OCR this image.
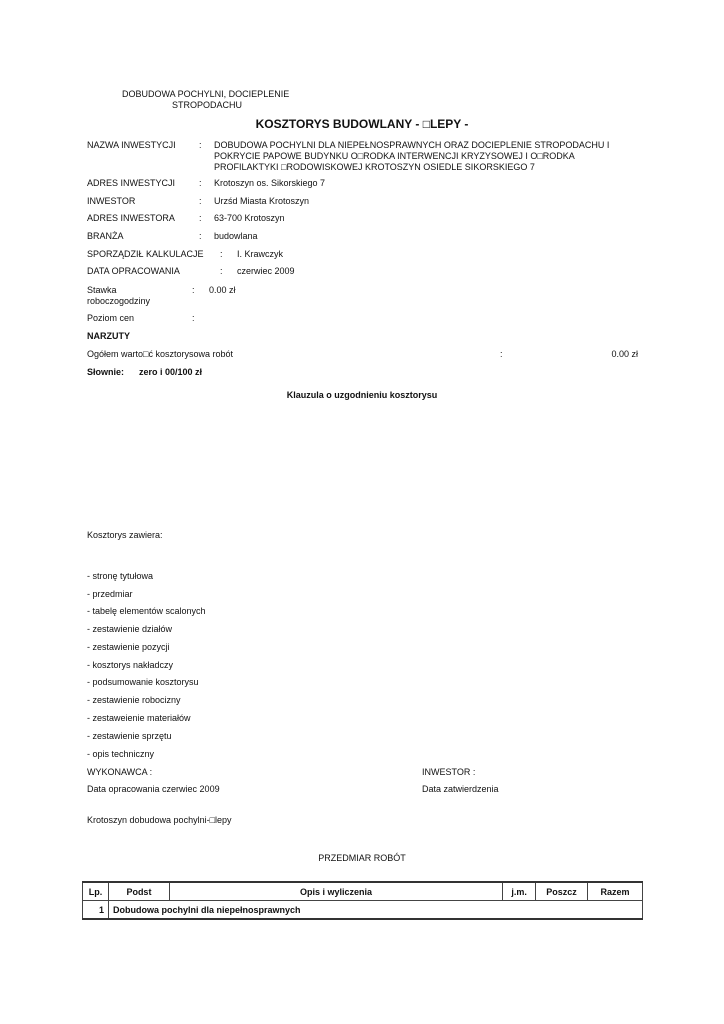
DOBUDOWA POCHYLNI, DOCIEPLENIE
STROPODACHU
KOSZTORYS BUDOWLANY - □LEPY -
NAZWA INWESTYCJI	: DOBUDOWA POCHYLNI DLA NIEPEŁNOSPRAWNYCH ORAZ DOCIEPLENIE STROPODACHU I
POKRYCIE PAPOWE BUDYNKU O□RODKA INTERWENCJI KRYZYSOWEJ I O□RODKA
PROFILAKTYKI □RODOWISKOWEJ KROTOSZYN OSIEDLE SIKORSKIEGO 7
ADRES INWESTYCJI	: Krotoszyn os. Sikorskiego 7
INWESTOR	: Urzśd Miasta Krotoszyn
ADRES INWESTORA	: 63-700 Krotoszyn
BRANŻA	: budowlana
SPORZĄDZIŁ KALKULACJE : I. Krawczyk
DATA OPRACOWANIA	: czerwiec 2009
Stawka
roboczogodziny
: 0.00 zł
Poziom cen	:
NARZUTY
Ogółem warto□ć kosztorysowa robót	:	0.00 zł
Słownie: zero i 00/100 zł
Klauzula o uzgodnieniu kosztorysu
Kosztorys zawiera:
- stronę tytułowa
- przedmiar
- tabelę elementów scalonych
- zestawienie działów
- zestawienie pozycji
- kosztorys nakładczy
- podsumowanie kosztorysu
- zestawienie robocizny
- zestaweienie materiałów
- zestawienie sprzętu
- opis techniczny
WYKONAWCA :	INWESTOR :
Data opracowania czerwiec 2009	Data zatwierdzenia
Krotoszyn dobudowa pochylni-□lepy
PRZEDMIAR ROBÓT
Lp.	Podst	Opis i wyliczenia	j.m.	Poszcz	Razem
1	Dobudowa pochylni dla niepełnosprawnych				
